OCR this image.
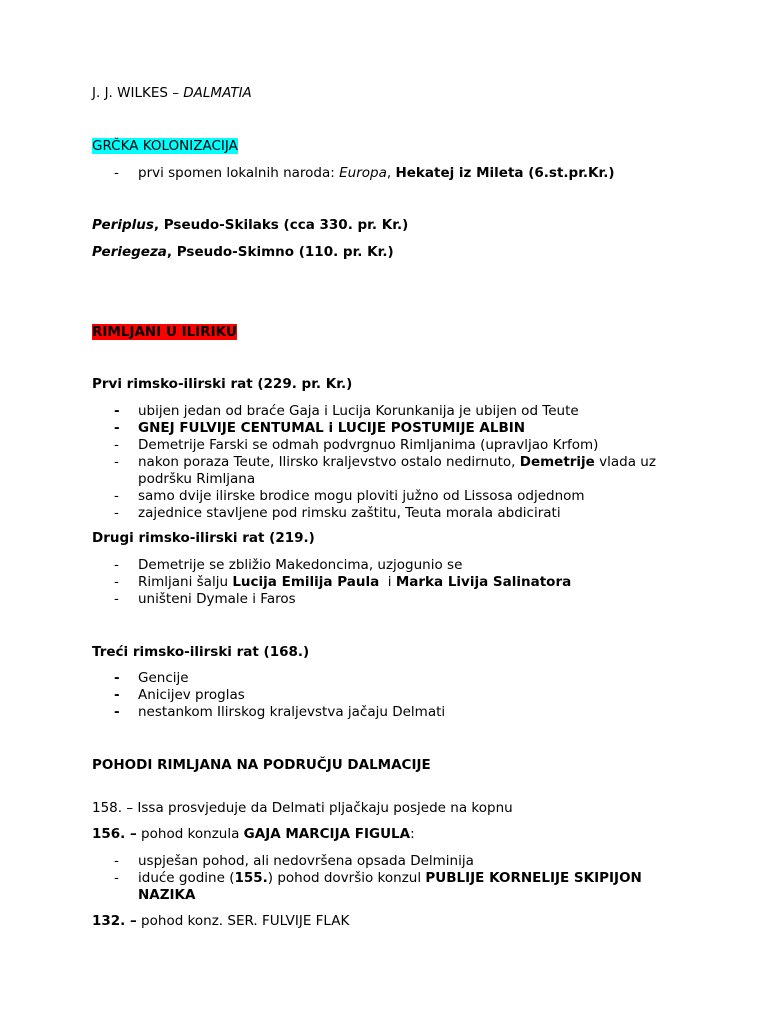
J. J. WILKES – DALMATIA

GRČKA KOLONIZACIJA

- prvi spomen lokalnih naroda: Europa, Hekatej iz Mileta (6.st.pr.Kr.)

Periplus, Pseudo-Skilaks (cca 330. pr. Kr.)

Periegeza, Pseudo-Skimno (110. pr. Kr.)

RIMLJANI U ILIRIKU

Prvi rimsko-ilirski rat (229. pr. Kr.)

- ubijen jedan od braće Gaja i Lucija Korunkanija je ubijen od Teute
- GNEJ FULVIJE CENTUMAL i LUCIJE POSTUMIJE ALBIN
- Demetrije Farski se odmah podvrgnuo Rimljanima (upravljao Krfom)
- nakon poraza Teute, Ilirsko kraljevstvo ostalo nedirnuto, Demetrije vlada uz podršku Rimljana
- samo dvije ilirske brodice mogu ploviti južno od Lissosa odjednom
- zajednice stavljene pod rimsku zaštitu, Teuta morala abdicirati

Drugi rimsko-ilirski rat (219.)

- Demetrije se zbližio Makedoncima, uzjogunio se
- Rimljani šalju Lucija Emilija Paula  i Marka Livija Salinatora
- uništeni Dymale i Faros

Treći rimsko-ilirski rat (168.)

- Gencije
- Anicijev proglas
- nestankom Ilirskog kraljevstva jačaju Delmati

POHODI RIMLJANA NA PODRUČJU DALMACIJE

158. – Issa prosvjeduje da Delmati pljačkaju posjede na kopnu

156. – pohod konzula GAJA MARCIJA FIGULA:

- uspješan pohod, ali nedovršena opsada Delminija
- iduće godine (155.) pohod dovršio konzul PUBLIJE KORNELIJE SKIPIJON NAZIKA

132. – pohod konz. SER. FULVIJE FLAK
